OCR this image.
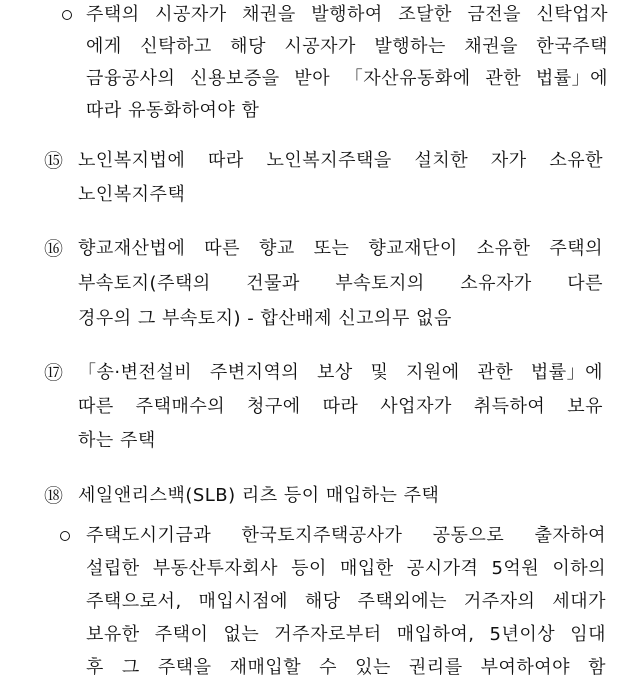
주택의 시공자가 채권을 발행하여 조달한 금전을 신탁업자
에게 신탁하고 해당 시공자가 발행하는 채권을 한국주택
금융공사의 신용보증을 받아 「자산유동화에 관한 법률」에
따라 유동화하여야 함
⑮ 노인복지법에 따라 노인복지주택을 설치한 자가 소유한
노인복지주택
⑯ 향교재산법에 따른 향교 또는 향교재단이 소유한 주택의
부속토지(주택의 건물과 부속토지의 소유자가 다른
경우의 그 부속토지) - 합산배제 신고의무 없음
⑰ 「송·변전설비 주변지역의 보상 및 지원에 관한 법률」에
따른 주택매수의 청구에 따라 사업자가 취득하여 보유
하는 주택
⑱ 세일앤리스백(SLB) 리츠 등이 매입하는 주택
주택도시기금과 한국토지주택공사가 공동으로 출자하여
설립한 부동산투자회사 등이 매입한 공시가격 5억원 이하의
주택으로서, 매입시점에 해당 주택외에는 거주자의 세대가
보유한 주택이 없는 거주자로부터 매입하여, 5년이상 임대
후 그 주택을 재매입할 수 있는 권리를 부여하여야 함
